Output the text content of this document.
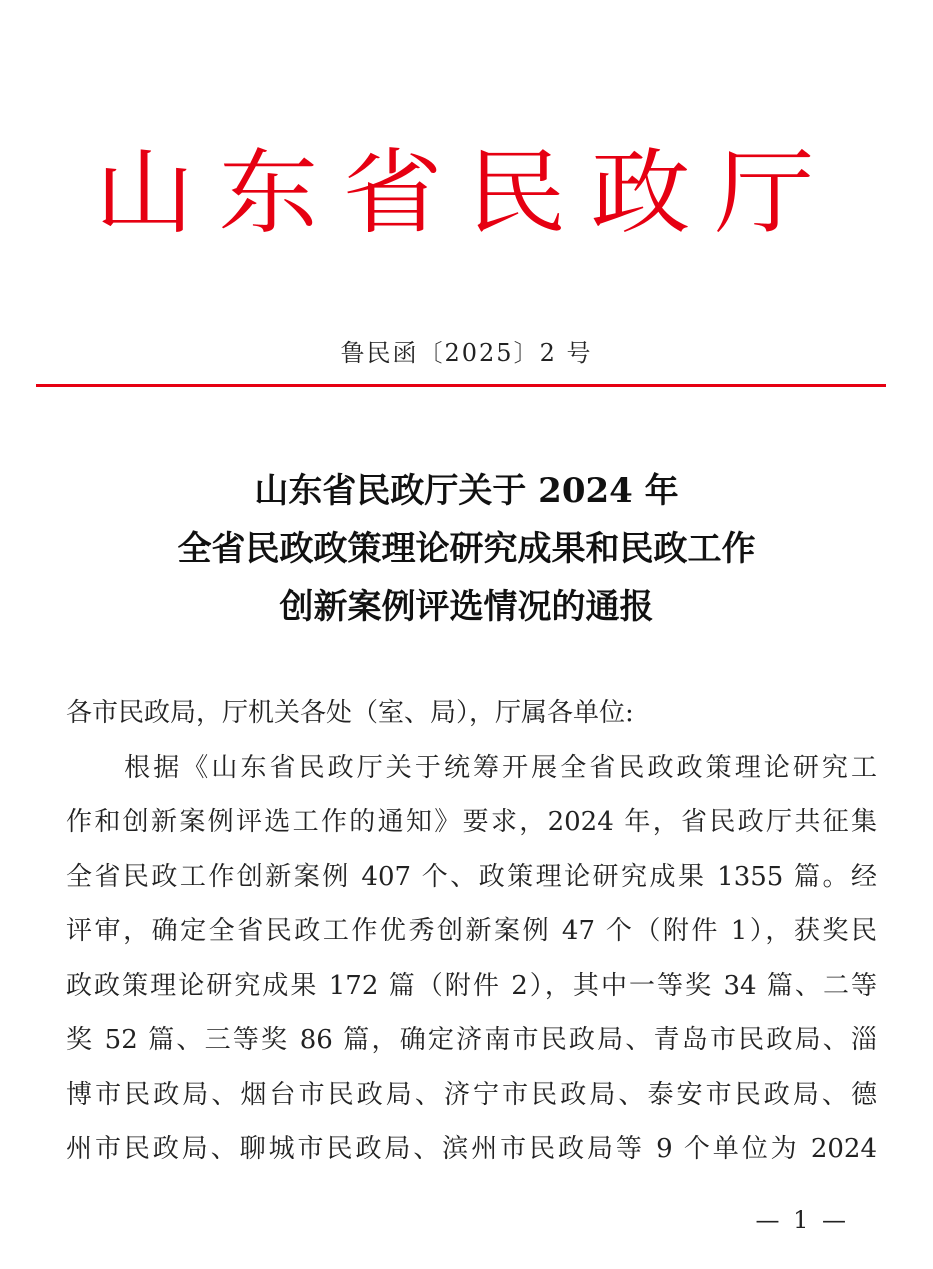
山东省民政厅
鲁民函〔2025〕2 号
山东省民政厅关于 2024 年
全省民政政策理论研究成果和民政工作
创新案例评选情况的通报
各市民政局，厅机关各处（室、局），厅属各单位:
　　根据《山东省民政厅关于统筹开展全省民政政策理论研究工
作和创新案例评选工作的通知》要求，2024 年，省民政厅共征集
全省民政工作创新案例 407 个、政策理论研究成果 1355 篇。经
评审，确定全省民政工作优秀创新案例 47 个（附件 1），获奖民
政政策理论研究成果 172 篇（附件 2），其中一等奖 34 篇、二等
奖 52 篇、三等奖 86 篇，确定济南市民政局、青岛市民政局、淄
博市民政局、烟台市民政局、济宁市民政局、泰安市民政局、德
州市民政局、聊城市民政局、滨州市民政局等 9 个单位为 2024
— 1 —
